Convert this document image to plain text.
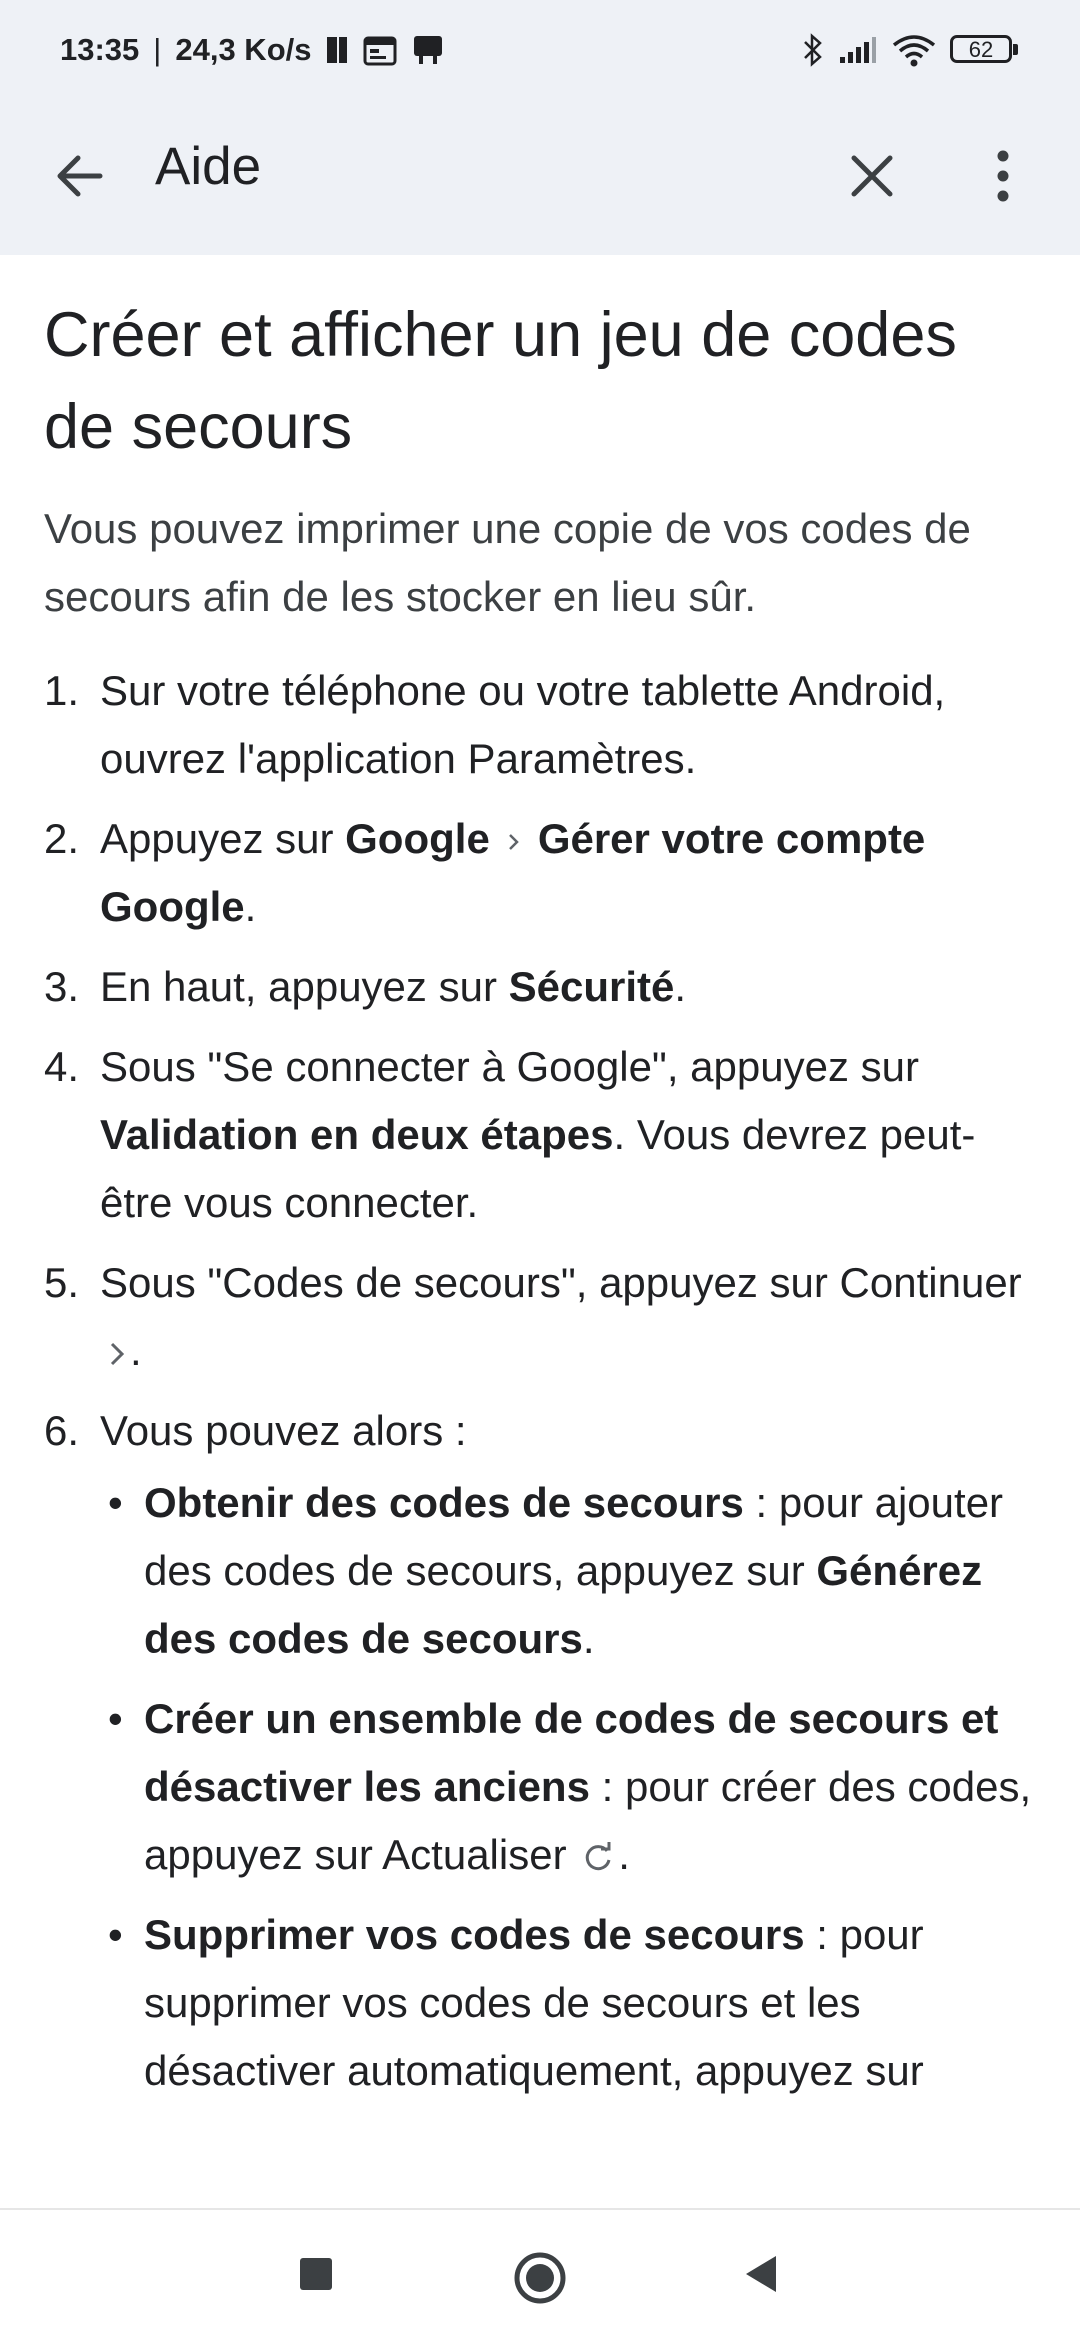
13:35 | 24,3 Ko/s	62
Aide
Créer et afficher un jeu de codes de secours

Vous pouvez imprimer une copie de vos codes de secours afin de les stocker en lieu sûr.

1. Sur votre téléphone ou votre tablette Android, ouvrez l'application Paramètres.
2. Appuyez sur Google Gérer votre compte Google.
3. En haut, appuyez sur Sécurité.
4. Sous "Se connecter à Google", appuyez sur Validation en deux étapes. Vous devrez peut-être vous connecter.
5. Sous "Codes de secours", appuyez sur Continuer .
6. Vous pouvez alors :
• Obtenir des codes de secours : pour ajouter des codes de secours, appuyez sur Générez des codes de secours.
• Créer un ensemble de codes de secours et désactiver les anciens : pour créer des codes, appuyez sur Actualiser .
• Supprimer vos codes de secours : pour supprimer vos codes de secours et les désactiver automatiquement, appuyez sur
